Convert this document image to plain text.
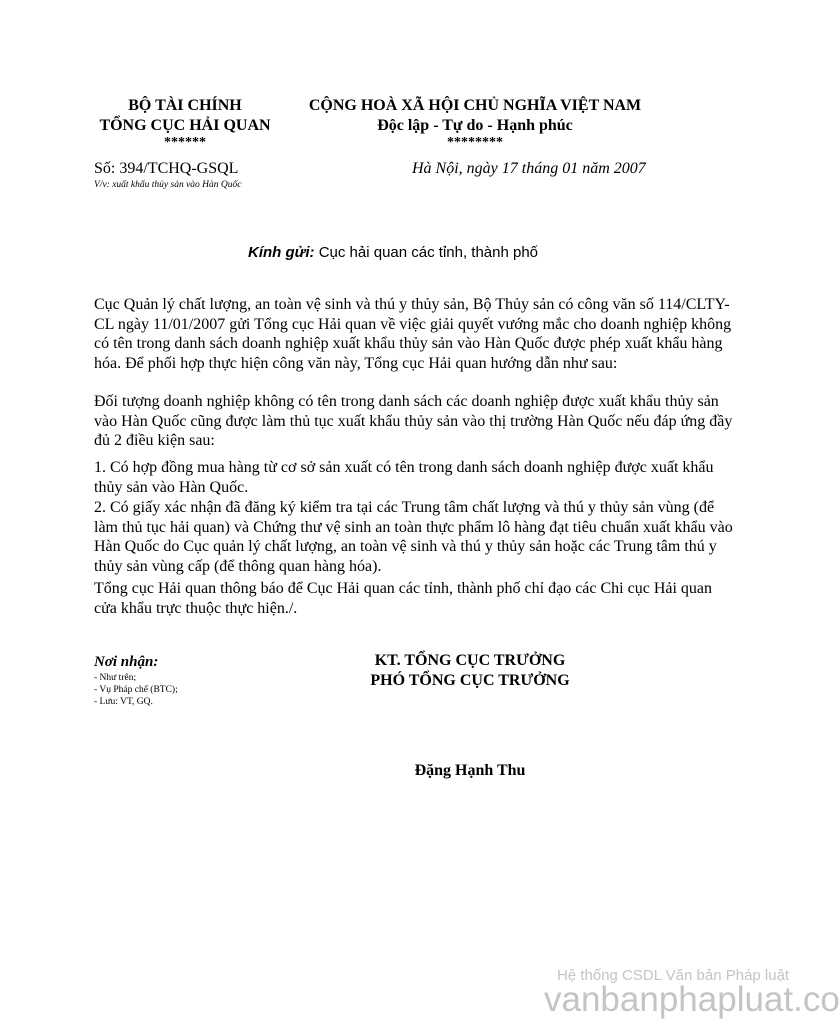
BỘ TÀI CHÍNH
TỔNG CỤC HẢI QUAN
******
CỘNG HOÀ XÃ HỘI CHỦ NGHĨA VIỆT NAM
Độc lập - Tự do - Hạnh phúc
********
Số: 394/TCHQ-GSQL
V/v: xuất khẩu thủy sản vào Hàn Quốc
Hà Nội, ngày 17 tháng 01 năm 2007
Kính gửi: Cục hải quan các tỉnh, thành phố
Cục Quản lý chất lượng, an toàn vệ sinh và thú y thủy sản, Bộ Thủy sản có công văn số 114/CLTY-CL ngày 11/01/2007 gửi Tổng cục Hải quan về việc giải quyết vướng mắc cho doanh nghiệp không có tên trong danh sách doanh nghiệp xuất khẩu thủy sản vào Hàn Quốc được phép xuất khẩu hàng hóa. Để phối hợp thực hiện công văn này, Tổng cục Hải quan hướng dẫn như sau:
Đối tượng doanh nghiệp không có tên trong danh sách các doanh nghiệp được xuất khẩu thủy sản vào Hàn Quốc cũng được làm thủ tục xuất khẩu thủy sản vào thị trường Hàn Quốc nếu đáp ứng đầy đủ 2 điều kiện sau:
1. Có hợp đồng mua hàng từ cơ sở sản xuất có tên trong danh sách doanh nghiệp được xuất khẩu thủy sản vào Hàn Quốc.
2. Có giấy xác nhận đã đăng ký kiểm tra tại các Trung tâm chất lượng và thú y thủy sản vùng (để làm thủ tục hải quan) và Chứng thư vệ sinh an toàn thực phẩm lô hàng đạt tiêu chuẩn xuất khẩu vào Hàn Quốc do Cục quản lý chất lượng, an toàn vệ sinh và thú y thủy sản hoặc các Trung tâm thú y thủy sản vùng cấp (để thông quan hàng hóa).
Tổng cục Hải quan thông báo để Cục Hải quan các tỉnh, thành phố chỉ đạo các Chi cục Hải quan cửa khẩu trực thuộc thực hiện./.
Nơi nhận:
- Như trên;
- Vụ Pháp chế (BTC);
- Lưu: VT, GQ.
KT. TỔNG CỤC TRƯỞNG
PHÓ TỔNG CỤC TRƯỞNG
Đặng Hạnh Thu
Hệ thống CSDL Văn bản Pháp luật
vanbanphapluat.co
